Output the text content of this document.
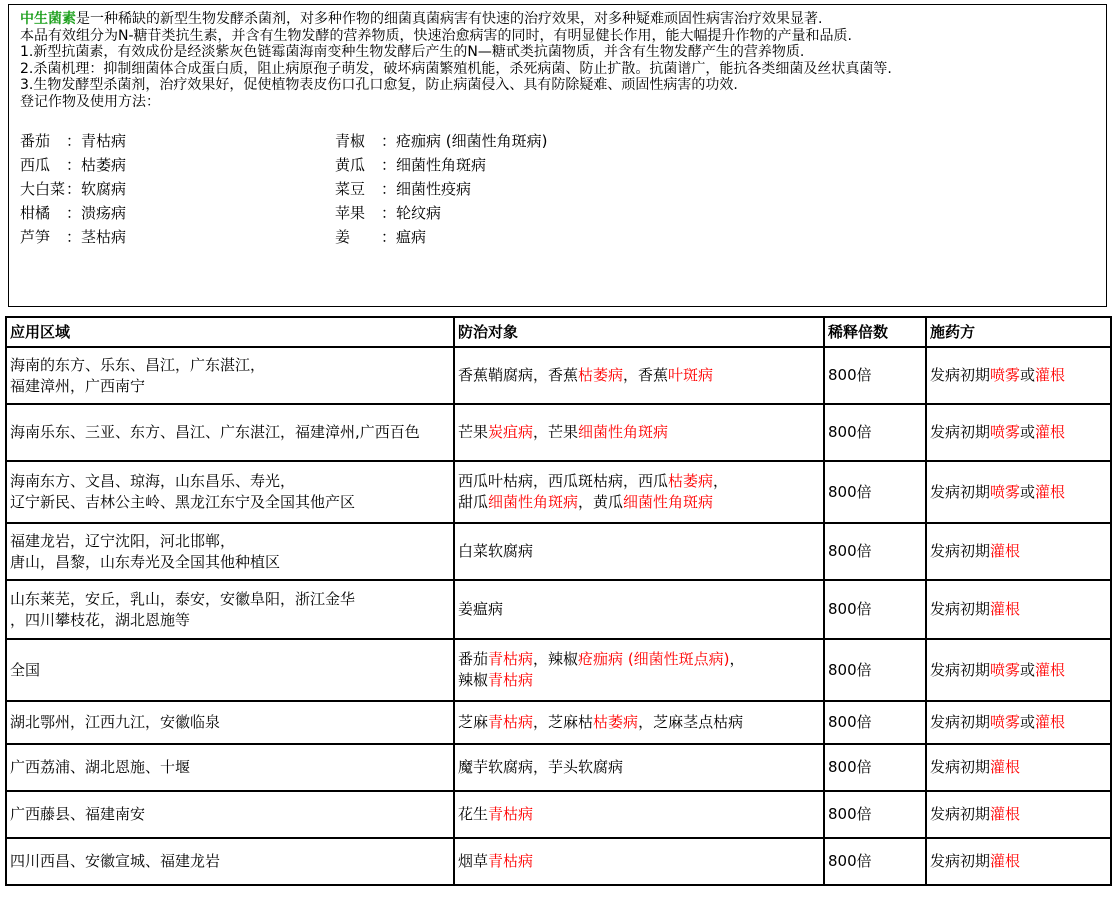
中生菌素是一种稀缺的新型生物发酵杀菌剂，对多种作物的细菌真菌病害有快速的治疗效果，对多种疑难顽固性病害治疗效果显著.

本品有效组分为N-糖苷类抗生素，并含有生物发酵的营养物质，快速治愈病害的同时，有明显健长作用，能大幅提升作物的产量和品质.

1.新型抗菌素，有效成份是经淡紫灰色链霉菌海南变种生物发酵后产生的N—糖甙类抗菌物质，并含有生物发酵产生的营养物质.

2.杀菌机理：抑制细菌体合成蛋白质，阻止病原孢子萌发，破坏病菌繁殖机能，杀死病菌、防止扩散。抗菌谱广，能抗各类细菌及丝状真菌等.

3.生物发酵型杀菌剂，治疗效果好，促使植物表皮伤口孔口愈复，防止病菌侵入、具有防除疑难、顽固性病害的功效.

登记作物及使用方法：

番茄 ：青枯病	青椒 ：疮痂病 (细菌性角斑病)
西瓜 ：枯萎病	黄瓜 ：细菌性角斑病
大白菜：软腐病	菜豆 ：细菌性疫病
柑橘 ：溃疡病	苹果 ：轮纹病
芦笋 ：茎枯病	姜 ：瘟病
应用区域	防治对象	稀释倍数	施药方
海南的东方、乐东、昌江，广东湛江，
福建漳州，广西南宁	香蕉鞘腐病，香蕉枯萎病，香蕉叶斑病	800倍	发病初期喷雾或灌根
海南乐东、三亚、东方、昌江、广东湛江，福建漳州,广西百色	芒果炭疽病，芒果细菌性角斑病	800倍	发病初期喷雾或灌根
海南东方、文昌、琼海，山东昌乐、寿光，
辽宁新民、吉林公主岭、黑龙江东宁及全国其他产区	西瓜叶枯病，西瓜斑枯病，西瓜枯萎病，
甜瓜细菌性角斑病，黄瓜细菌性角斑病	800倍	发病初期喷雾或灌根
福建龙岩，辽宁沈阳，河北邯郸，
唐山，昌黎，山东寿光及全国其他种植区	白菜软腐病	800倍	发病初期灌根
山东莱芜，安丘，乳山，泰安，安徽阜阳，浙江金华
，四川攀枝花，湖北恩施等	姜瘟病	800倍	发病初期灌根
全国	番茄青枯病，辣椒疮痂病 (细菌性斑点病)，
辣椒青枯病	800倍	发病初期喷雾或灌根
湖北鄂州，江西九江，安徽临泉	芝麻青枯病，芝麻枯枯萎病，芝麻茎点枯病	800倍	发病初期喷雾或灌根
广西荔浦、湖北恩施、十堰	魔芋软腐病，芋头软腐病	800倍	发病初期灌根
广西藤县、福建南安	花生青枯病	800倍	发病初期灌根
四川西昌、安徽宣城、福建龙岩	烟草青枯病	800倍	发病初期灌根
